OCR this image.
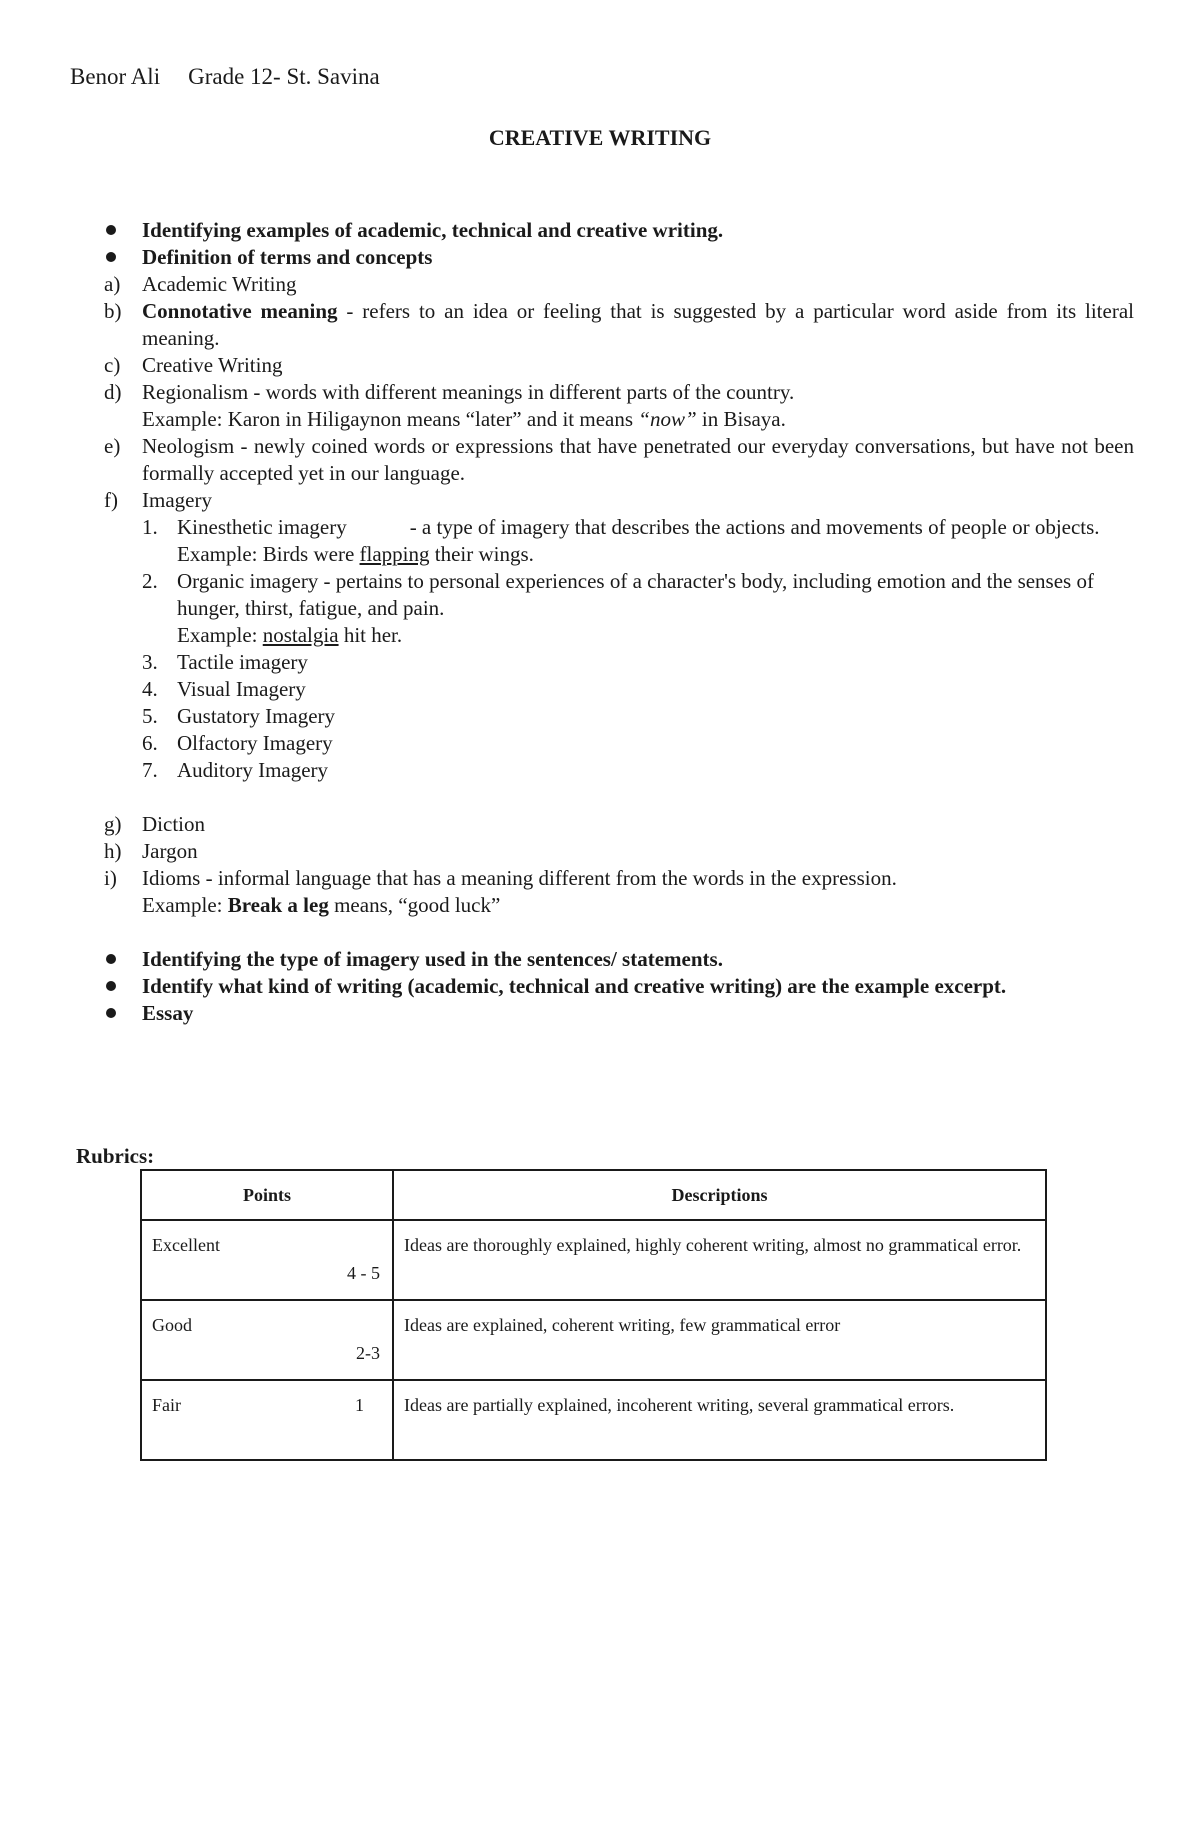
Benor Ali Grade 12- St. Savina
CREATIVE WRITING
Identifying examples of academic, technical and creative writing.
Definition of terms and concepts
a) Academic Writing
b) Connotative meaning - refers to an idea or feeling that is suggested by a particular word aside from its literal meaning.
c) Creative Writing
d) Regionalism - words with different meanings in different parts of the country.
Example: Karon in Hiligaynon means “later” and it means “now” in Bisaya.
e) Neologism - newly coined words or expressions that have penetrated our everyday conversations, but have not been formally accepted yet in our language.
f) Imagery
1. Kinesthetic imagery            - a type of imagery that describes the actions and movements of people or objects.
Example: Birds were flapping their wings.
2. Organic imagery - pertains to personal experiences of a character's body, including emotion and the senses of
hunger, thirst, fatigue, and pain.
Example: nostalgia hit her.
3. Tactile imagery
4. Visual Imagery
5. Gustatory Imagery
6. Olfactory Imagery
7. Auditory Imagery
g) Diction
h) Jargon
i) Idioms - informal language that has a meaning different from the words in the expression.
Example: Break a leg means, “good luck”
Identifying the type of imagery used in the sentences/ statements.
Identify what kind of writing (academic, technical and creative writing) are the example excerpt.
Essay
Rubrics:
Points	Descriptions

Excellent
4 - 5	Ideas are thoroughly explained, highly coherent writing, almost no grammatical error.

Good
2-3	Ideas are explained, coherent writing, few grammatical error

Fair 1	Ideas are partially explained, incoherent writing, several grammatical errors.
